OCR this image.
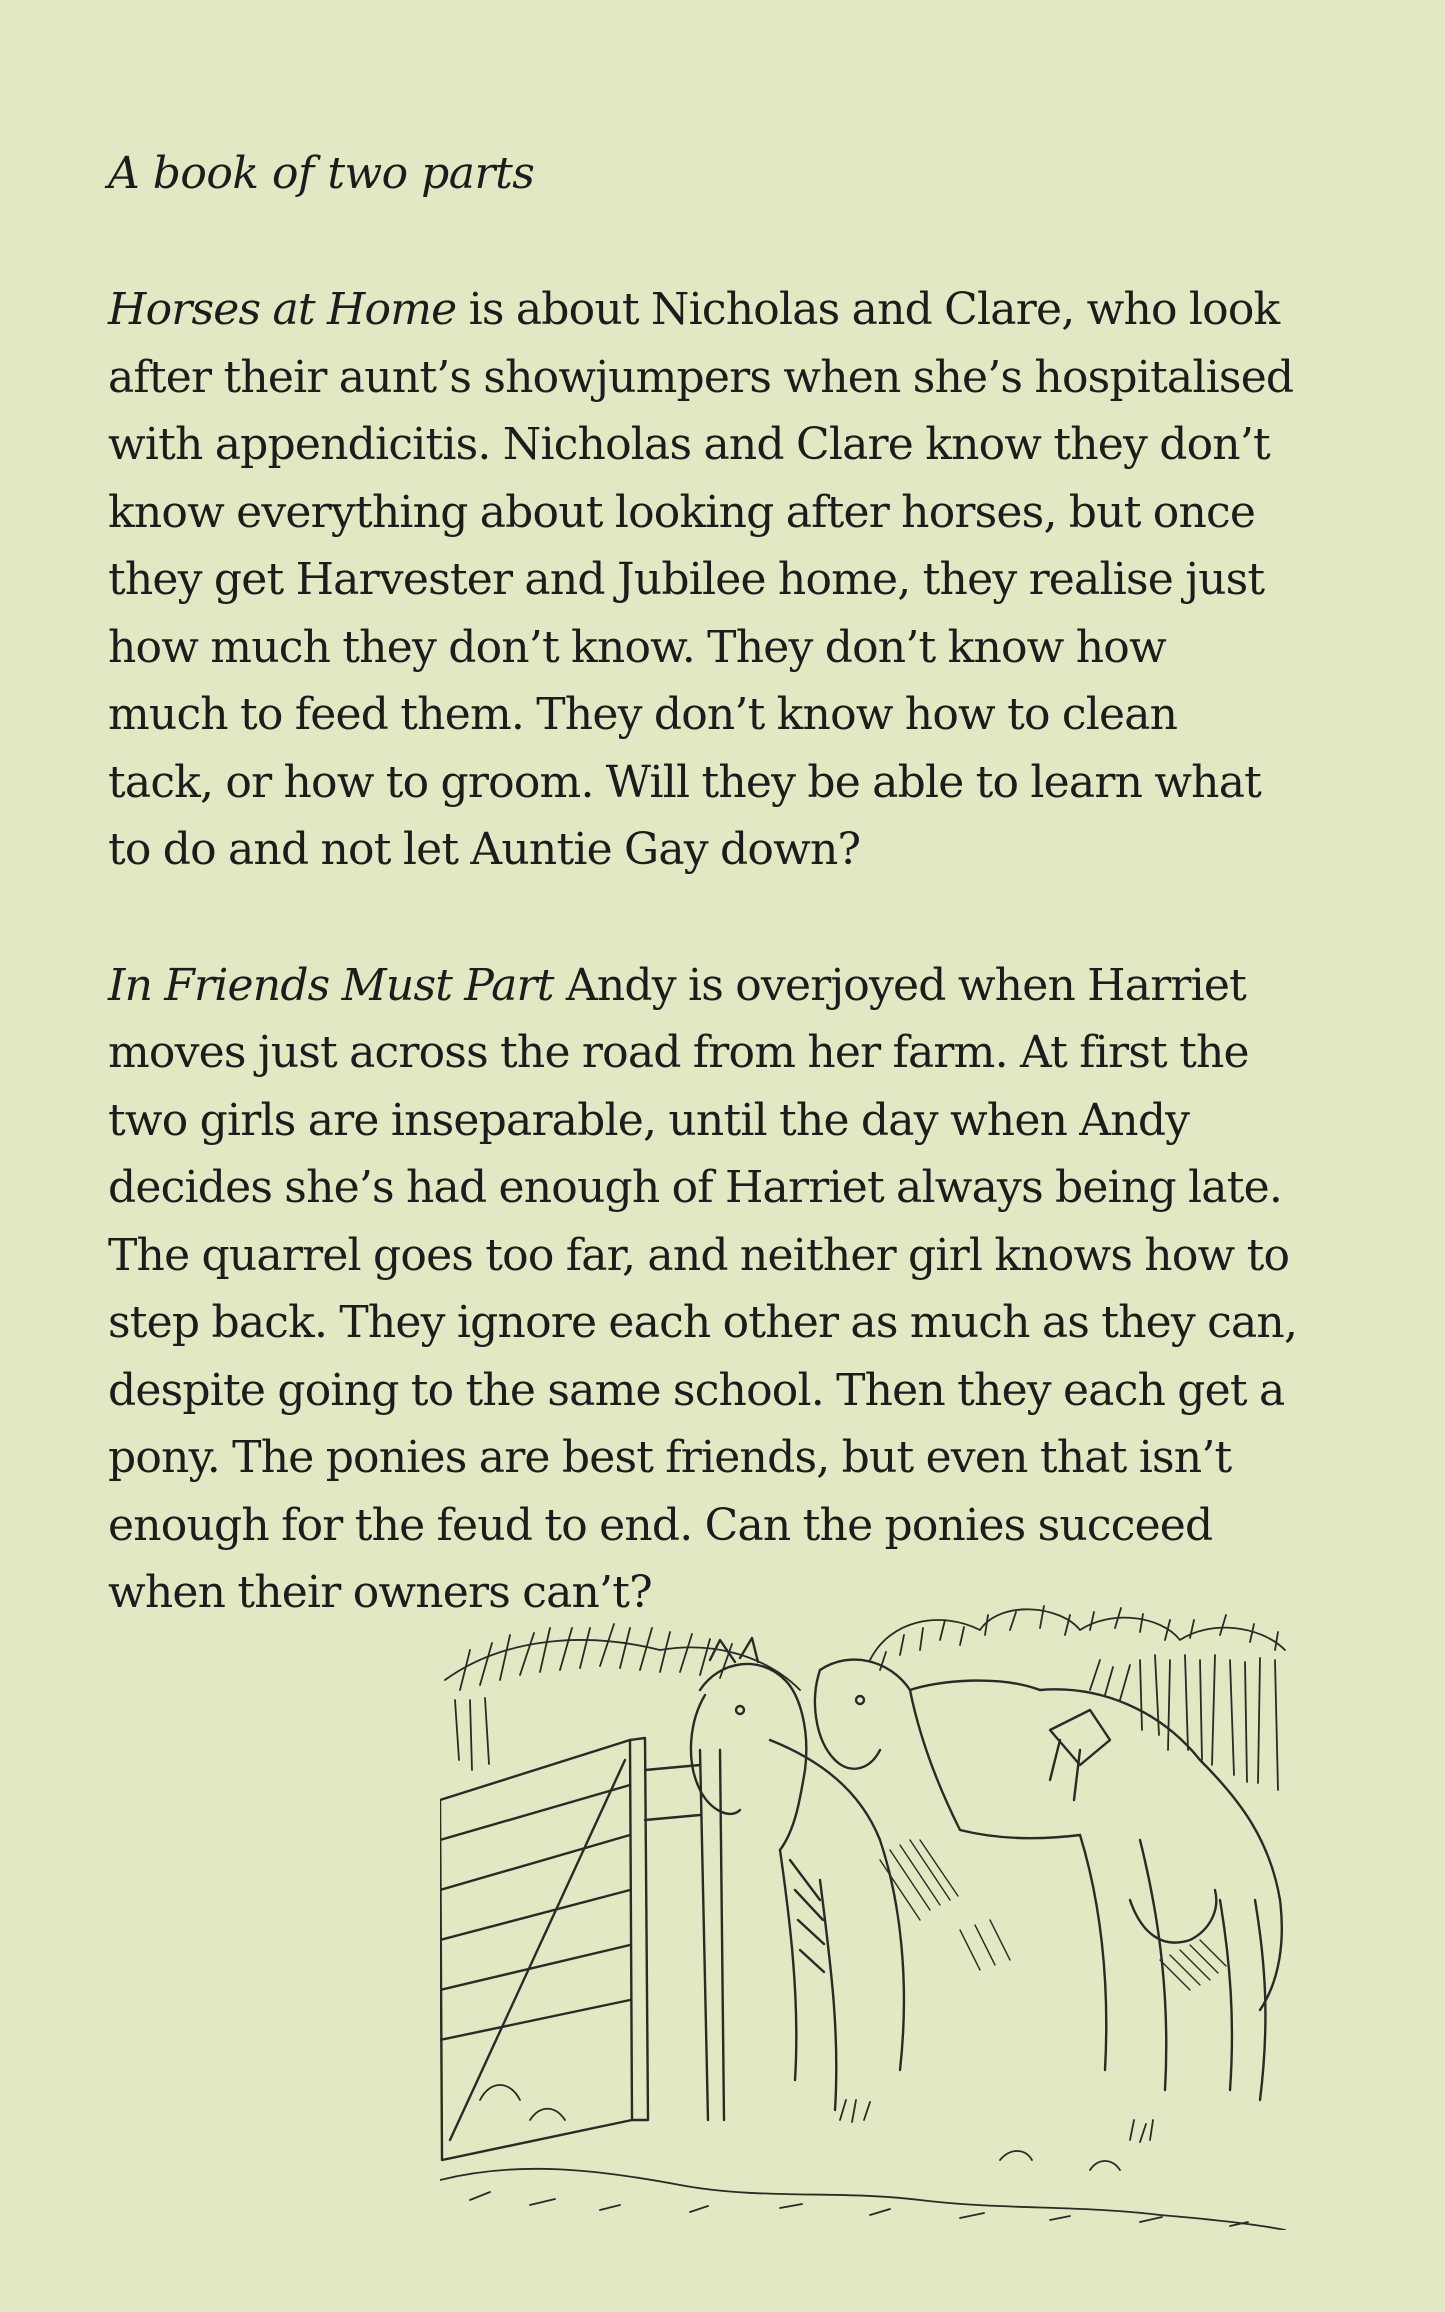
A book of two parts

Horses at Home is about Nicholas and Clare, who look
after their aunt’s showjumpers when she’s hospitalised
with appendicitis. Nicholas and Clare know they don’t
know everything about looking after horses, but once
they get Harvester and Jubilee home, they realise just
how much they don’t know. They don’t know how
much to feed them. They don’t know how to clean
tack, or how to groom. Will they be able to learn what
to do and not let Auntie Gay down?

In Friends Must Part Andy is overjoyed when Harriet
moves just across the road from her farm. At first the
two girls are inseparable, until the day when Andy
decides she’s had enough of Harriet always being late.
The quarrel goes too far, and neither girl knows how to
step back. They ignore each other as much as they can,
despite going to the same school. Then they each get a
pony. The ponies are best friends, but even that isn’t
enough for the feud to end. Can the ponies succeed
when their owners can’t?
